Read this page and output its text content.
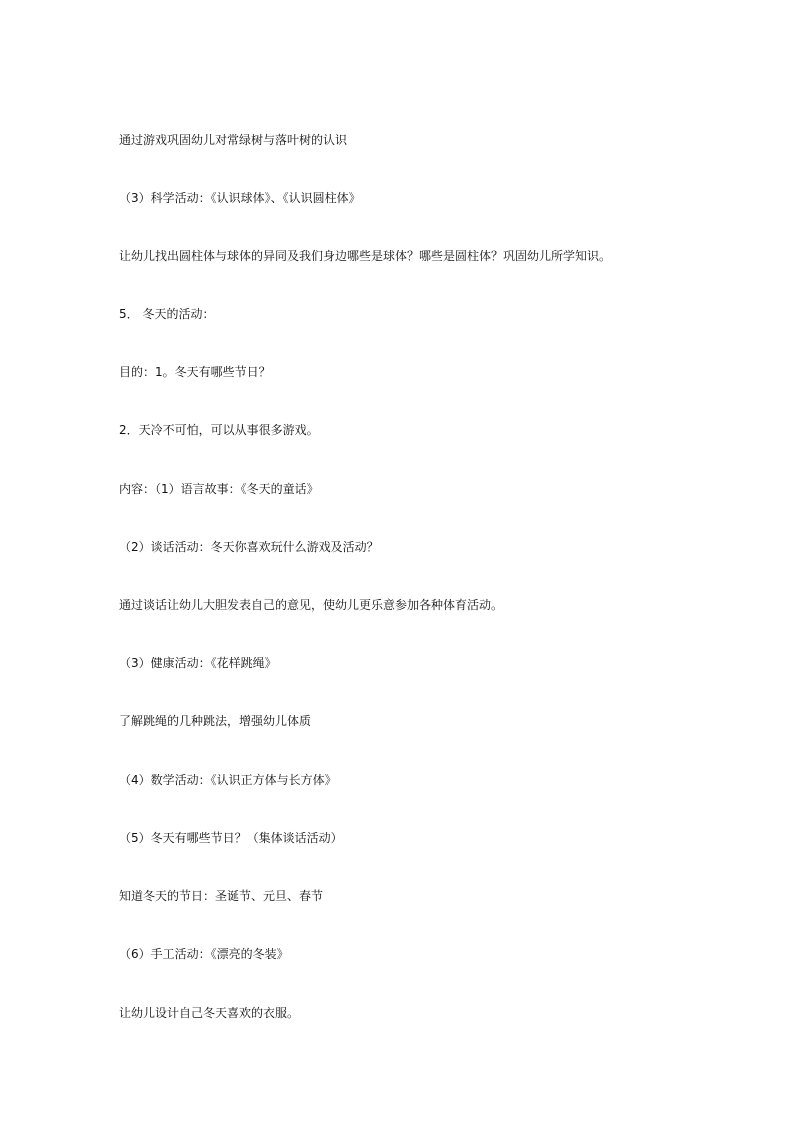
通过游戏巩固幼儿对常绿树与落叶树的认识
（3）科学活动：《认识球体》、《认识圆柱体》
让幼儿找出圆柱体与球体的异同及我们身边哪些是球体？哪些是圆柱体？巩固幼儿所学知识。
5． 冬天的活动：
目的：1。冬天有哪些节日？
2．天冷不可怕，可以从事很多游戏。
内容：（1）语言故事：《冬天的童话》
（2）谈话活动：冬天你喜欢玩什么游戏及活动？
通过谈话让幼儿大胆发表自己的意见，使幼儿更乐意参加各种体育活动。
（3）健康活动：《花样跳绳》
了解跳绳的几种跳法，增强幼儿体质
（4）数学活动：《认识正方体与长方体》
（5）冬天有哪些节日？（集体谈话活动）
知道冬天的节日：圣诞节、元旦、春节
（6）手工活动：《漂亮的冬装》
让幼儿设计自己冬天喜欢的衣服。
